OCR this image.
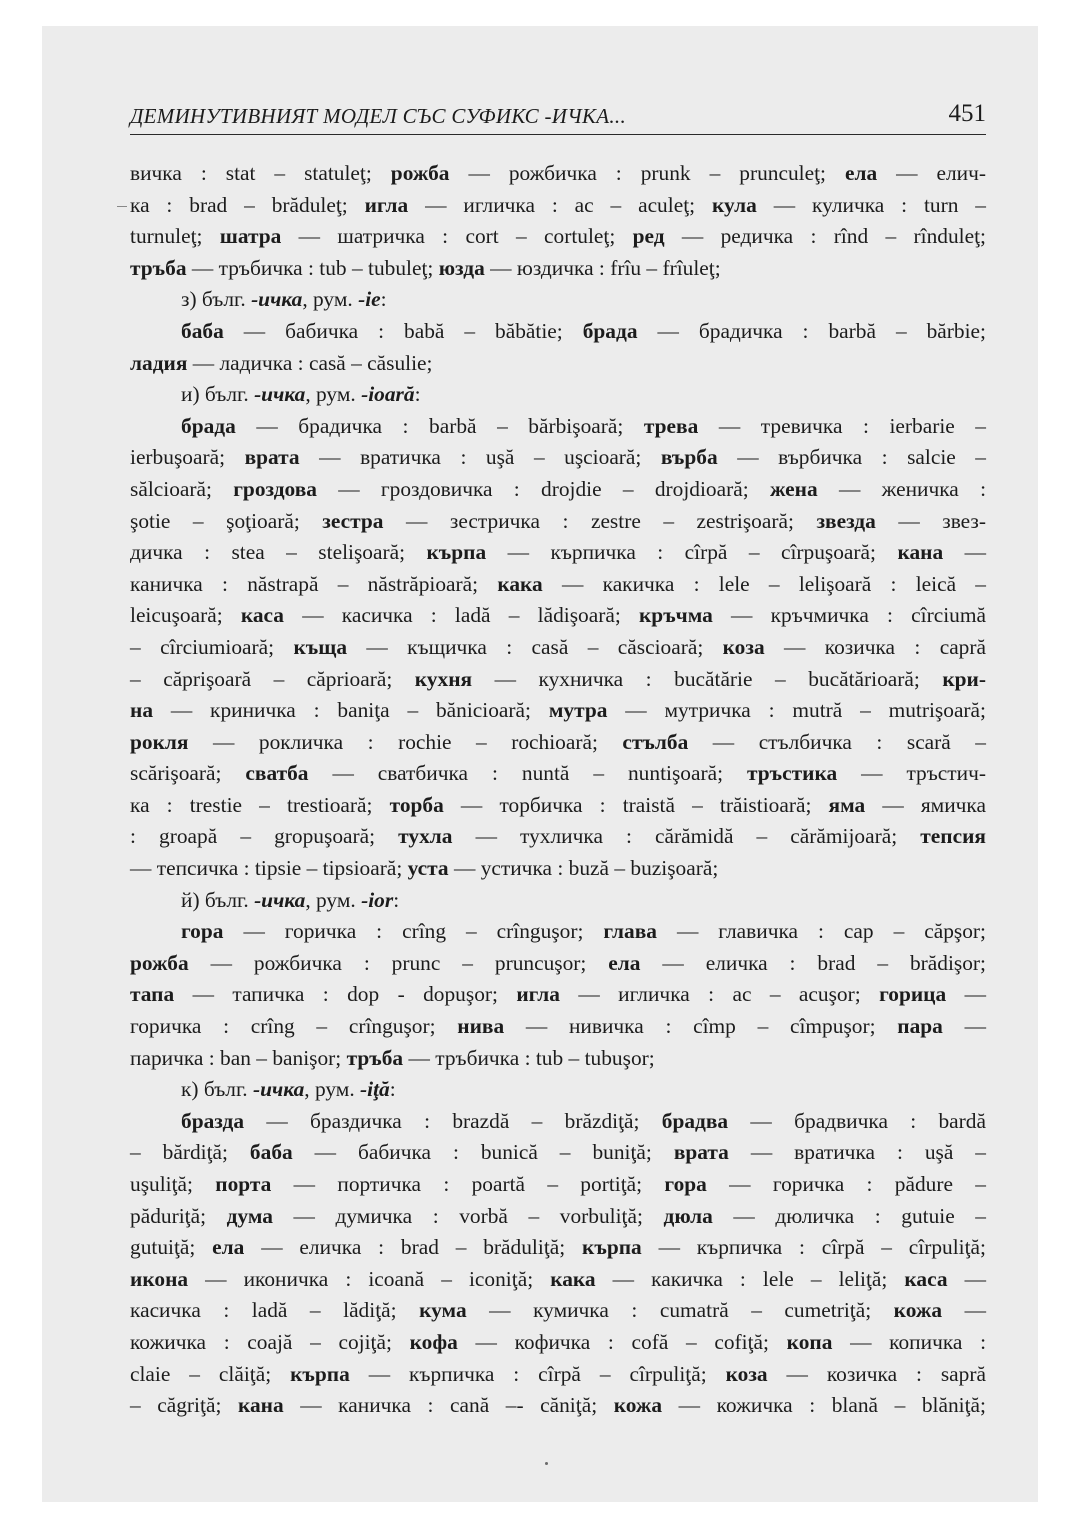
ДЕМИНУТИВНИЯТ МОДЕЛ СЪС СУФИКС -ИЧКА...	451
вичка : stat – statuleţ; рожба — рожбичка : prunk – prunculeţ; ела — елич-
ка : brad – brăduleţ; игла — игличка : ac – aculeţ; кула — куличка : turn –
turnuleţ; шатра — шатричка : cort – cortuleţ; ред — редичка : rînd – rînduleţ;
тръба — тръбичка : tub – tubuleţ; юзда — юздичка : frîu – frîuleţ;
з) бълг. -ичка, рум. -ie:
баба — бабичка : babă – băbătie; брада — брадичка : barbă – bărbie;
ладия — ладичка : casă – căsulie;
и) бълг. -ичка, рум. -ioară:
брада — брадичка : barbă – bărbişoară; трева — тревичка : ierbarie –
ierbuşoară; врата — вратичка : uşă – uşcioară; върба — върбичка : salcie –
sălcioară; гроздова — гроздовичка : drojdie – drojdioară; жена — женичка :
şotie – şoţioară; зестра — зестричка : zestre – zestrişoară; звезда — звез-
дичка : stea – stelişoară; кърпа — кърпичка : cîrpă – cîrpuşoară; кана —
каничка : năstrapă – năstrăpioară; кака — какичка : lele – lelişoară : leică –
leicuşoară; каса — касичка : ladă – lădişoară; кръчма — кръчмичка : cîrciumă
– cîrciumioară; къща — къщичка : casă – căscioară; коза — козичка : capră
– căprişoară – căprioară; кухня — кухничка : bucătărie – bucătărioară; кри-
на — криничка : baniţa – bănicioară; мутра — мутричка : mutră – mutrişoară;
рокля — рокличка : rochie – rochioară; стълба — стълбичка : scară –
scărişoară; сватба — сватбичка : nuntă – nuntişoară; тръстика — тръстич-
ка : trestie – trestioară; торба — торбичка : traistă – trăistioară; яма — ямичка
: groapă – gropuşoară; тухла — тухличка : cărămidă – cărămijoară; тепсия
— тепсичка : tipsie – tipsioară; уста — устичка : buză – buzişoară;
й) бълг. -ичка, рум. -ior:
гора — горичка : crîng – crînguşor; глава — главичка : cap – căpşor;
рожба — рожбичка : prunc – pruncuşor; ела — еличка : brad – brădişor;
тапа — тапичка : dop - dopuşor; игла — игличка : ac – acuşor; горица —
горичка : crîng – crînguşor; нива — нивичка : cîmp – cîmpuşor; пара —
паричка : ban – banişor; тръба — тръбичка : tub – tubuşor;
к) бълг. -ичка, рум. -iţă:
бразда — браздичка : brazdă – brăzdiţă; брадва — брадвичка : bardă
– bărdiţă; баба — бабичка : bunică – buniţă; врата — вратичка : uşă –
uşuliţă; порта — портичка : poartă – portiţă; гора — горичка : pădure –
păduriţă; дума — думичка : vorbă – vorbuliţă; дюла — дюличка : gutuie –
gutuiţă; ела — еличка : brad – brăduliţă; кърпа — кърпичка : cîrpă – cîrpuliţă;
икона — иконичка : icoană – iconiţă; кака — какичка : lele – leliţă; каса —
касичка : ladă – lădiţă; кума — кумичка : cumatră – cumetriţă; кожа —
кожичка : coajă – cojiţă; кофа — кофичка : cofă – cofiţă; копа — копичка :
claie – clăiţă; кърпа — кърпичка : cîrpă – cîrpuliţă; коза — козичка : sapră
– căgriţă; кана — каничка : cană –- căniţă; кожа — кожичка : blană – blăniţă;
